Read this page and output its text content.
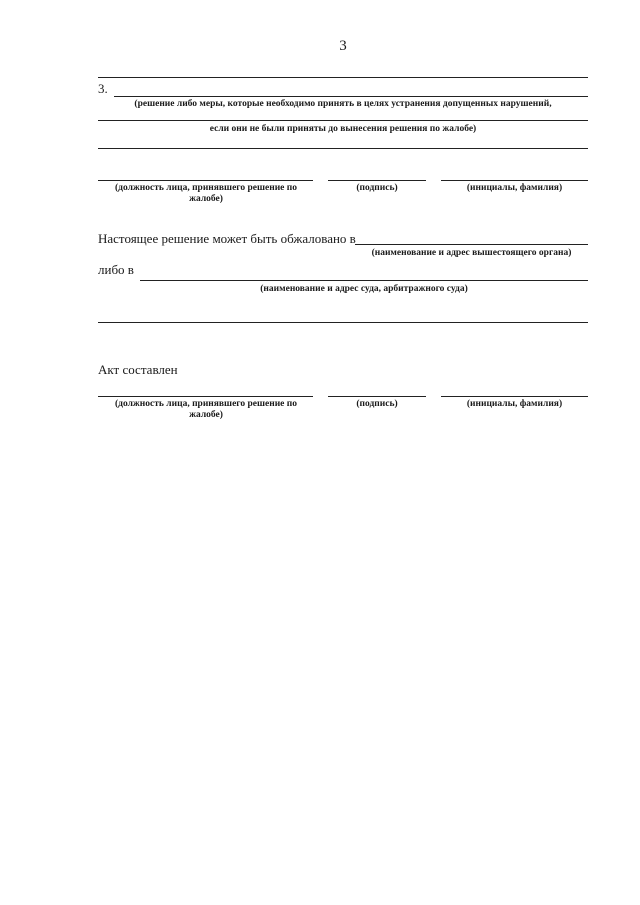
3
3.
(решение либо меры, которые необходимо принять в целях устранения допущенных нарушений,
если они не были приняты до вынесения решения по жалобе)
(должность лица, принявшего решение по жалобе)
(подпись)	(инициалы, фамилия)
Настоящее решение может быть обжаловано в
(наименование и адрес вышестоящего органа)
либо в
(наименование и адрес суда, арбитражного суда)
Акт составлен
(должность лица, принявшего решение по жалобе)
(подпись)	(инициалы, фамилия)
